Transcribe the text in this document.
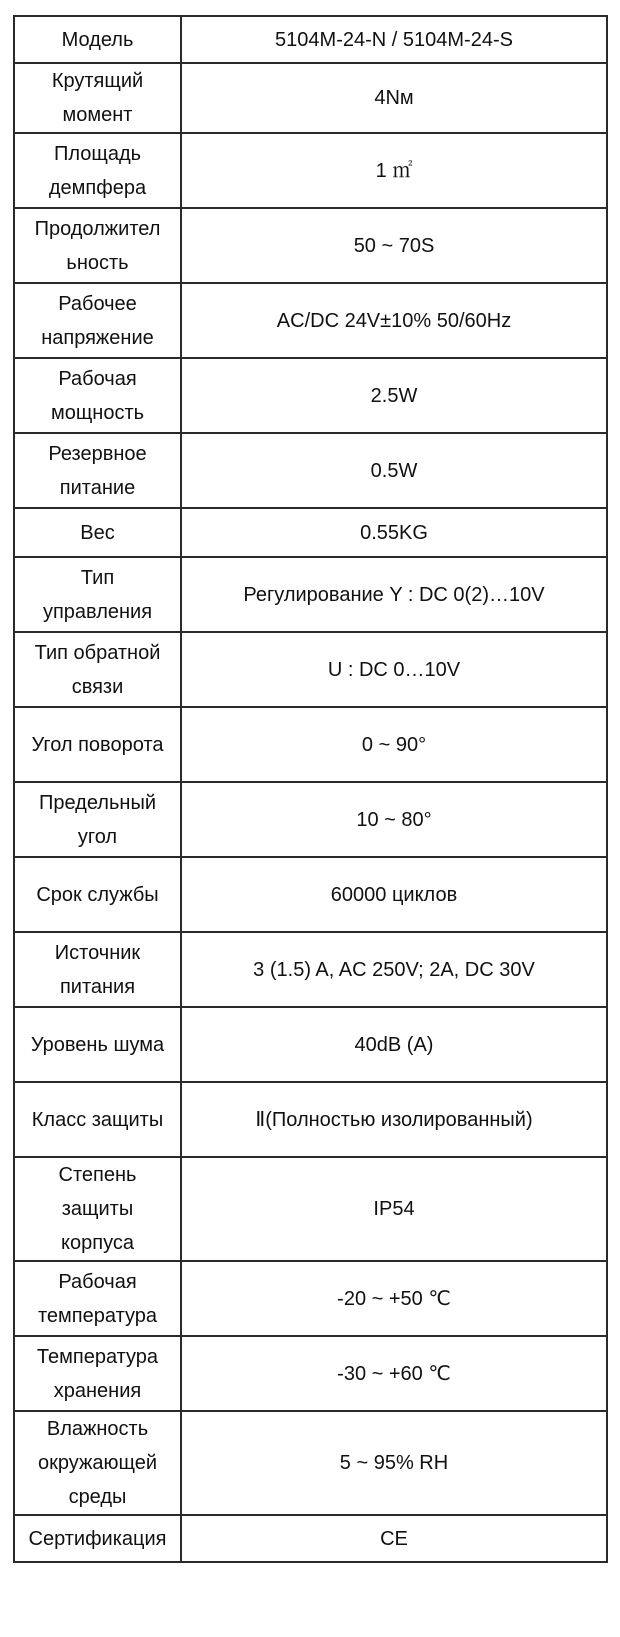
Модель	5104M-24-N / 5104M-24-S

Крутящий
момент	4Nм

Площадь
демпфера	1 ㎡

Продолжител
ьность	50 ~ 70S

Рабочее
напряжение	AC/DC 24V±10% 50/60Hz

Рабочая
мощность	2.5W

Резервное
питание	0.5W

Вес	0.55KG

Тип
управления	Регулирование Y : DC 0(2)…10V

Тип обратной
связи	U : DC 0…10V

Угол поворота	0 ~ 90°

Предельный
угол	10 ~ 80°

Срок службы	60000 циклов

Источник
питания	3 (1.5) A, AC 250V; 2A, DC 30V

Уровень шума	40dB (A)

Класс защиты	Ⅱ(Полностью изолированный)

Степень
защиты
корпуса	IP54

Рабочая
температура	-20 ~ +50 ℃

Температура
хранения	-30 ~ +60 ℃

Влажность
окружающей
среды	5 ~ 95% RH

Сертификация	CE
